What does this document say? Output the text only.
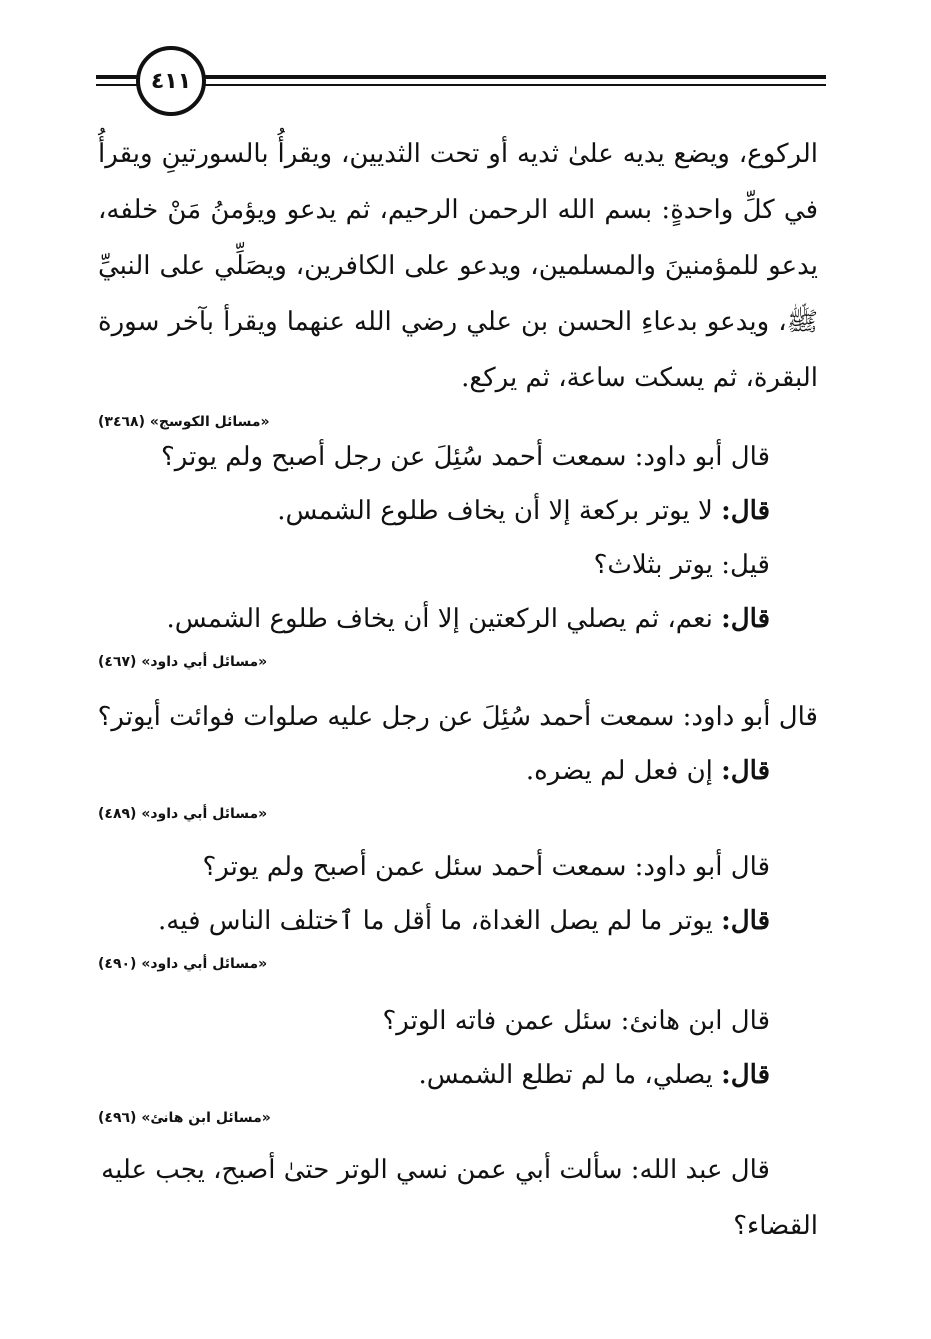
٤١١
الركوع، ويضع يديه علىٰ ثديه أو تحت الثديين، ويقرأُ بالسورتينِ ويقرأُ في كلِّ واحدةٍ: بسم الله الرحمن الرحيم، ثم يدعو ويؤمنُ مَنْ خلفه، يدعو للمؤمنينَ والمسلمين، ويدعو على الكافرين، ويصَلِّي على النبيِّ ﷺ، ويدعو بدعاءِ الحسن بن علي رضي الله عنهما ويقرأ بآخر سورة البقرة، ثم يسكت ساعة، ثم يركع.
«مسائل الكوسج» (٣٤٦٨)
قال أبو داود: سمعت أحمد سُئِلَ عن رجل أصبح ولم يوتر؟
قال: لا يوتر بركعة إلا أن يخاف طلوع الشمس.
قيل: يوتر بثلاث؟
قال: نعم، ثم يصلي الركعتين إلا أن يخاف طلوع الشمس.
«مسائل أبي داود» (٤٦٧)
قال أبو داود: سمعت أحمد سُئِلَ عن رجل عليه صلوات فوائت أيوتر؟
قال: إن فعل لم يضره.
«مسائل أبي داود» (٤٨٩)
قال أبو داود: سمعت أحمد سئل عمن أصبح ولم يوتر؟
قال: يوتر ما لم يصل الغداة، ما أقل ما ٱختلف الناس فيه.
«مسائل أبي داود» (٤٩٠)
قال ابن هانئ: سئل عمن فاته الوتر؟
قال: يصلي، ما لم تطلع الشمس.
«مسائل ابن هانئ» (٤٩٦)
قال عبد الله: سألت أبي عمن نسي الوتر حتىٰ أصبح، يجب عليه
القضاء؟
